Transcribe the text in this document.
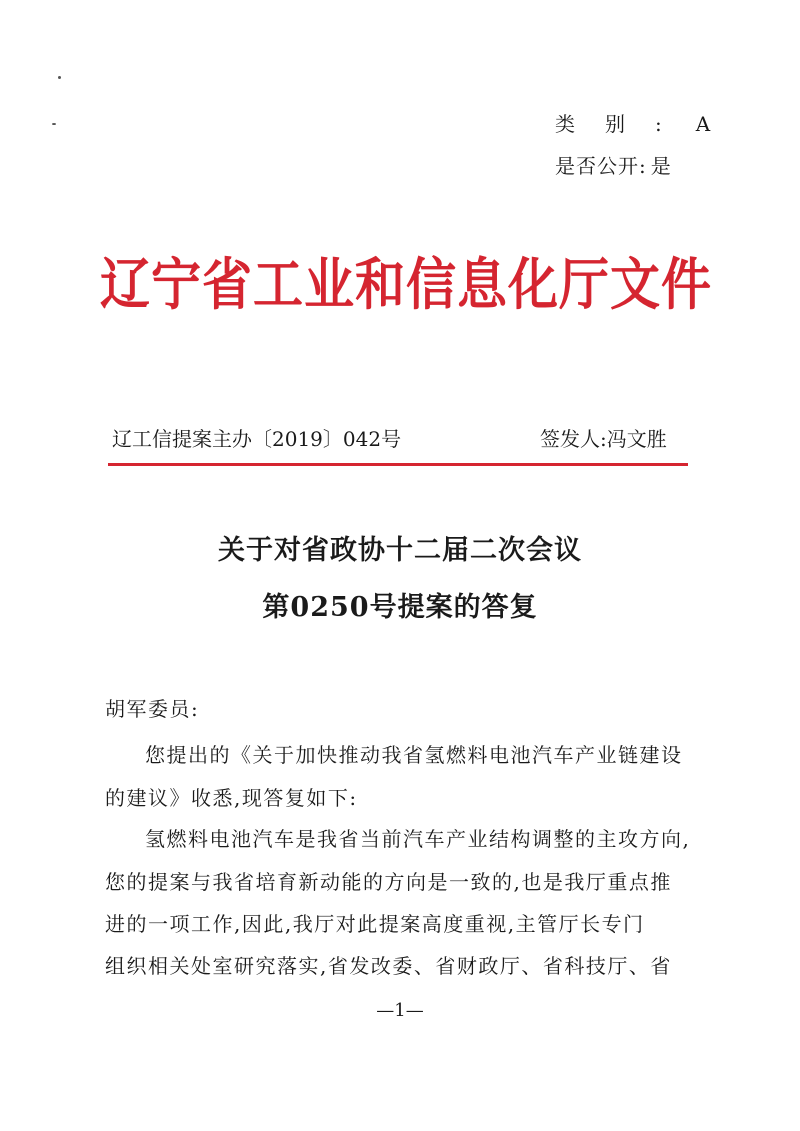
类别: A
是否公开: 是
辽宁省工业和信息化厅文件
辽工信提案主办〔2019〕042号	签发人:冯文胜
关于对省政协十二届二次会议
第0250号提案的答复
胡军委员:
您提出的《关于加快推动我省氢燃料电池汽车产业链建设
的建议》收悉,现答复如下:
氢燃料电池汽车是我省当前汽车产业结构调整的主攻方向,
您的提案与我省培育新动能的方向是一致的,也是我厅重点推
进的一项工作,因此,我厅对此提案高度重视,主管厅长专门
组织相关处室研究落实,省发改委、省财政厅、省科技厅、省
—1—
